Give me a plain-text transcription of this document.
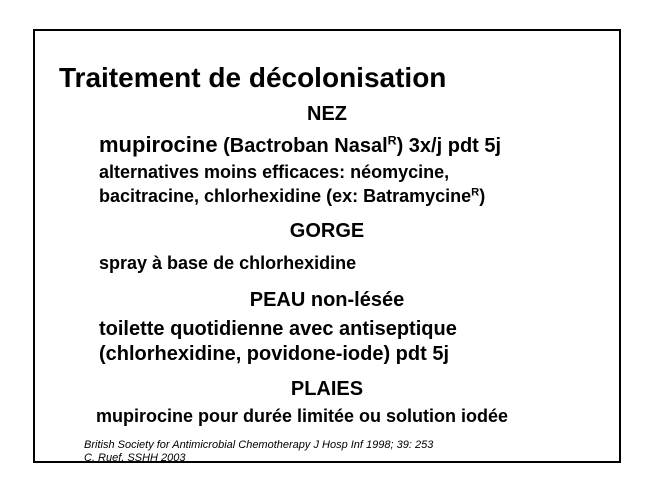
Traitement de décolonisation
NEZ
mupirocine (Bactroban Nasal$^R$) 3x/j pdt 5j
alternatives moins efficaces: néomycine,
bacitracine, chlorhexidine (ex: Batramycine$^R$)
GORGE
spray à base de chlorhexidine
PEAU non-lésée
toilette quotidienne avec antiseptique
(chlorhexidine, povidone-iode) pdt 5j
PLAIES
mupirocine pour durée limitée ou solution iodée
British Society for Antimicrobial Chemotherapy J Hosp Inf 1998; 39: 253
C. Ruef, SSHH 2003
